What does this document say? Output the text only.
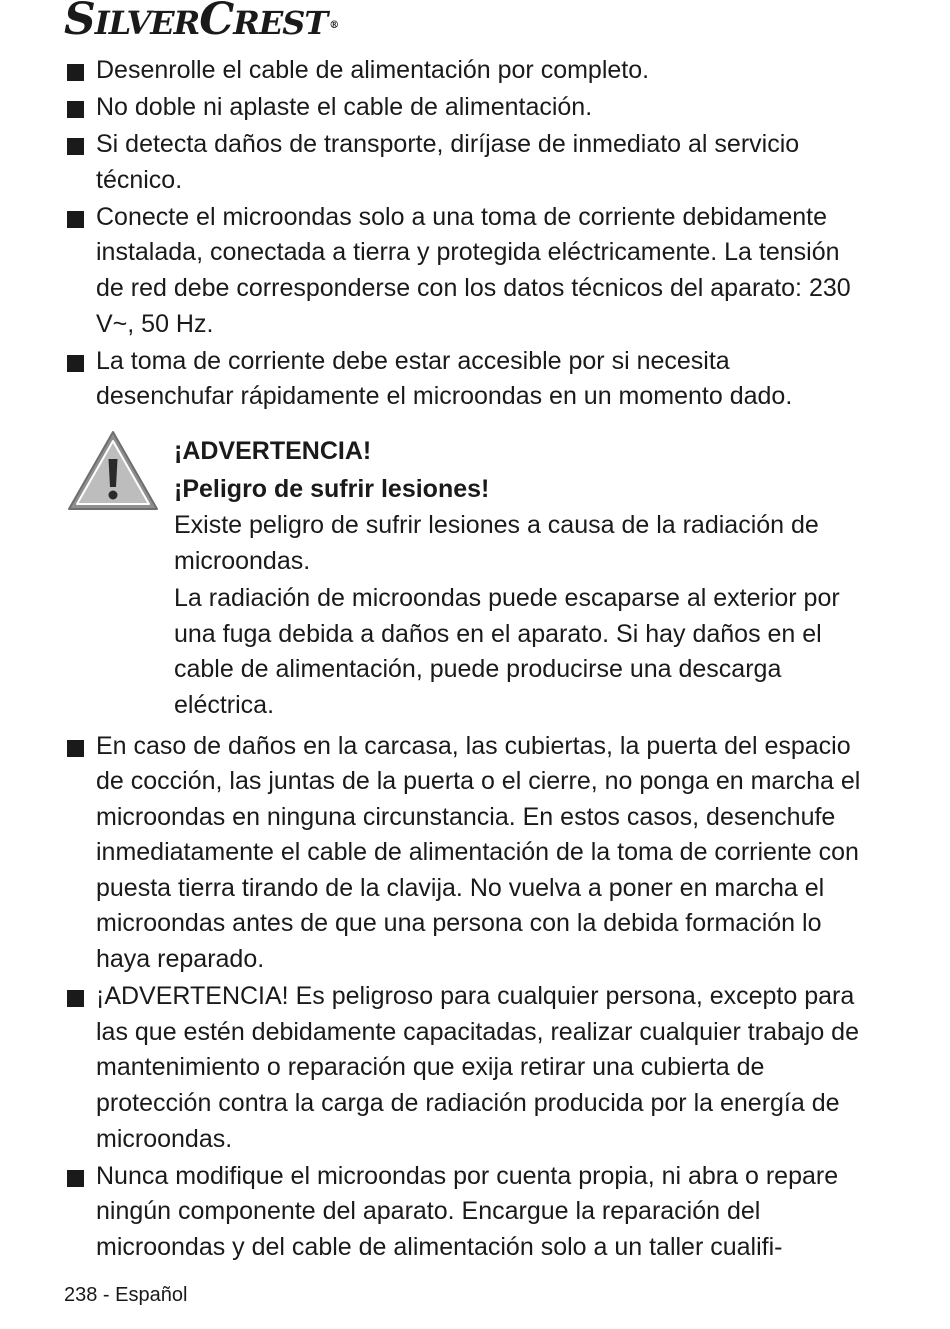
SILVERCREST ®
Desenrolle el cable de alimentación por completo.
No doble ni aplaste el cable de alimentación.
Si detecta daños de transporte, diríjase de inmediato al servicio técnico.
Conecte el microondas solo a una toma de corriente debidamente instalada, conectada a tierra y protegida eléctricamente. La tensión de red debe corresponderse con los datos técnicos del aparato: 230 V~, 50 Hz.
La toma de corriente debe estar accesible por si necesita desenchufar rápidamente el microondas en un momento dado.
¡ADVERTENCIA!
¡Peligro de sufrir lesiones!

Existe peligro de sufrir lesiones a causa de la radiación de microondas.

La radiación de microondas puede escaparse al exterior por una fuga debida a daños en el aparato. Si hay daños en el cable de alimentación, puede producirse una descarga eléctrica.

En caso de daños en la carcasa, las cubiertas, la puerta del espacio de cocción, las juntas de la puerta o el cierre, no ponga en marcha el microondas en ninguna circunstancia. En estos casos, desenchufe inmediatamente el cable de alimentación de la toma de corriente con puesta tierra tirando de la clavija. No vuelva a poner en marcha el microondas antes de que una persona con la debida formación lo haya reparado.
¡ADVERTENCIA! Es peligroso para cualquier persona, excepto para las que estén debidamente capacitadas, realizar cualquier trabajo de mantenimiento o reparación que exija retirar una cubierta de protección contra la carga de radiación producida por la energía de microondas.
Nunca modifique el microondas por cuenta propia, ni abra o repare ningún componente del aparato. Encargue la reparación del microondas y del cable de alimentación solo a un taller cualifi-
238 - Español
